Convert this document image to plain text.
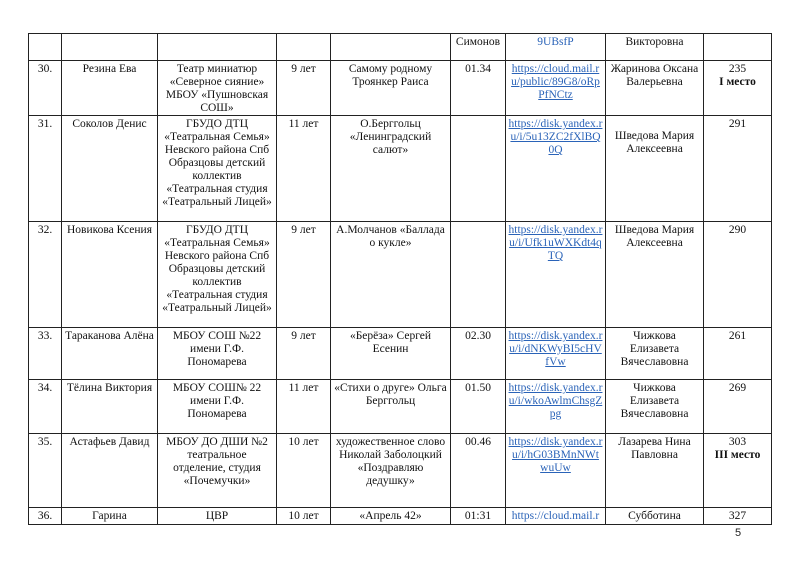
					Симонов	9UBsfP	Викторовна	
30.	Резина Ева	Театр миниатюр «Северное сияние» МБОУ «Пушновская СОШ»	9 лет	Самому родному Троянкер Раиса	01.34	https://cloud.mail.ru/public/89G8/oRpPfNCtz	Жаринова Оксана Валерьевна	235
I место

31.	Соколов Денис	ГБУДО ДТЦ «Театральная Семья» Невского района Спб Образцовы детский коллектив «Театральная студия «Театральный Лицей»	11 лет	О.Берггольц «Ленинградский салют»		https://disk.yandex.ru/i/5u13ZC2fXlBQ0Q	Шведова Мария Алексеевна	291

32.	Новикова Ксения	ГБУДО ДТЦ «Театральная Семья» Невского района Спб Образцовы детский коллектив «Театральная студия «Театральный Лицей»	9 лет	А.Молчанов «Баллада о кукле»		https://disk.yandex.ru/i/Ufk1uWXKdt4qTQ	Шведова Мария Алексеевна	290

33.	Тараканова Алёна	МБОУ СОШ №22 имени Г.Ф. Пономарева	9 лет	«Берёза» Сергей Есенин	02.30	https://disk.yandex.ru/i/dNKWyBI5cHVfVw	Чижкова Елизавета Вячеславовна	261

34.	Тёлина Виктория	МБОУ СОШ№ 22 имени Г.Ф. Пономарева	11 лет	«Стихи о друге» Ольга Берггольц	01.50	https://disk.yandex.ru/i/wkoAwlmChsgZpg	Чижкова Елизавета Вячеславовна	269

35.	Астафьев Давид	МБОУ ДО ДШИ №2 театральное отделение, студия «Почемучки»	10 лет	художественное слово Николай Заболоцкий «Поздравляю дедушку»	00.46	https://disk.yandex.ru/i/hG03BMnNWtwuUw	Лазарева Нина Павловна	303
III место

36.	Гарина	ЦВР	10 лет	«Апрель 42»	01:31	https://cloud.mail.r	Субботина	327
5
